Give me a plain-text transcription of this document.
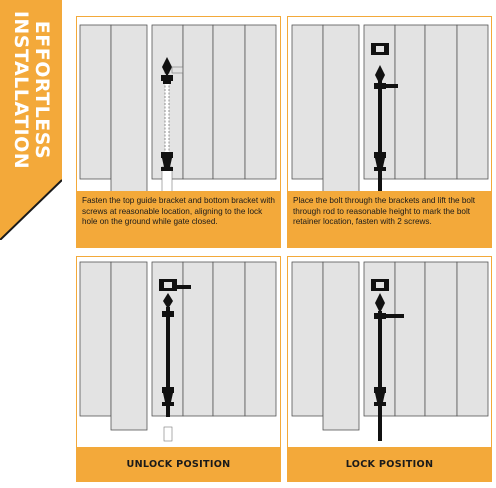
EFFORTLESS
INSTALLATION
Fasten the top guide bracket and bottom bracket with screws at reasonable location, aligning to the lock hole on the ground while gate closed.
Place the bolt through the brackets and lift the bolt through rod to reasonable height to mark the bolt retainer location, fasten with 2 screws.
UNLOCK POSITION	LOCK POSITION
